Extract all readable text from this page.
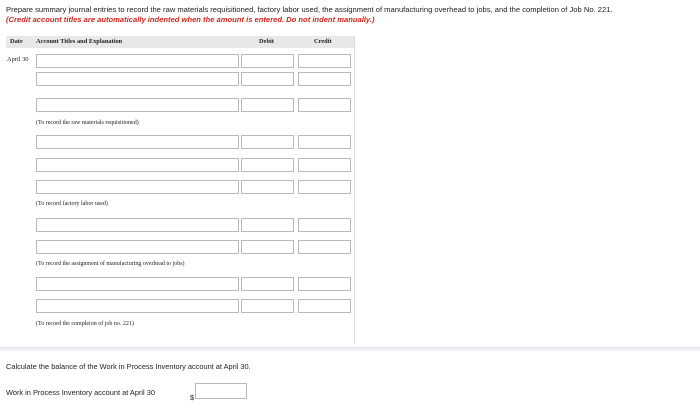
Prepare summary journal entries to record the raw materials requisitioned, factory labor used, the assignment of manufacturing overhead to jobs, and the completion of Job No. 221.
(Credit account titles are automatically indented when the amount is entered. Do not indent manually.)
Date Account Titles and Explanation	Debit	Credit
April 30
(To record the raw materials requisitioned)
(To record factory labor used)
(To record the assignment of manufacturing overhead to jobs)
(To record the compleion of job no. 221)
Calculate the balance of the Work in Process Inventory account at April 30.
Work in Process Inventory account at April 30
$
